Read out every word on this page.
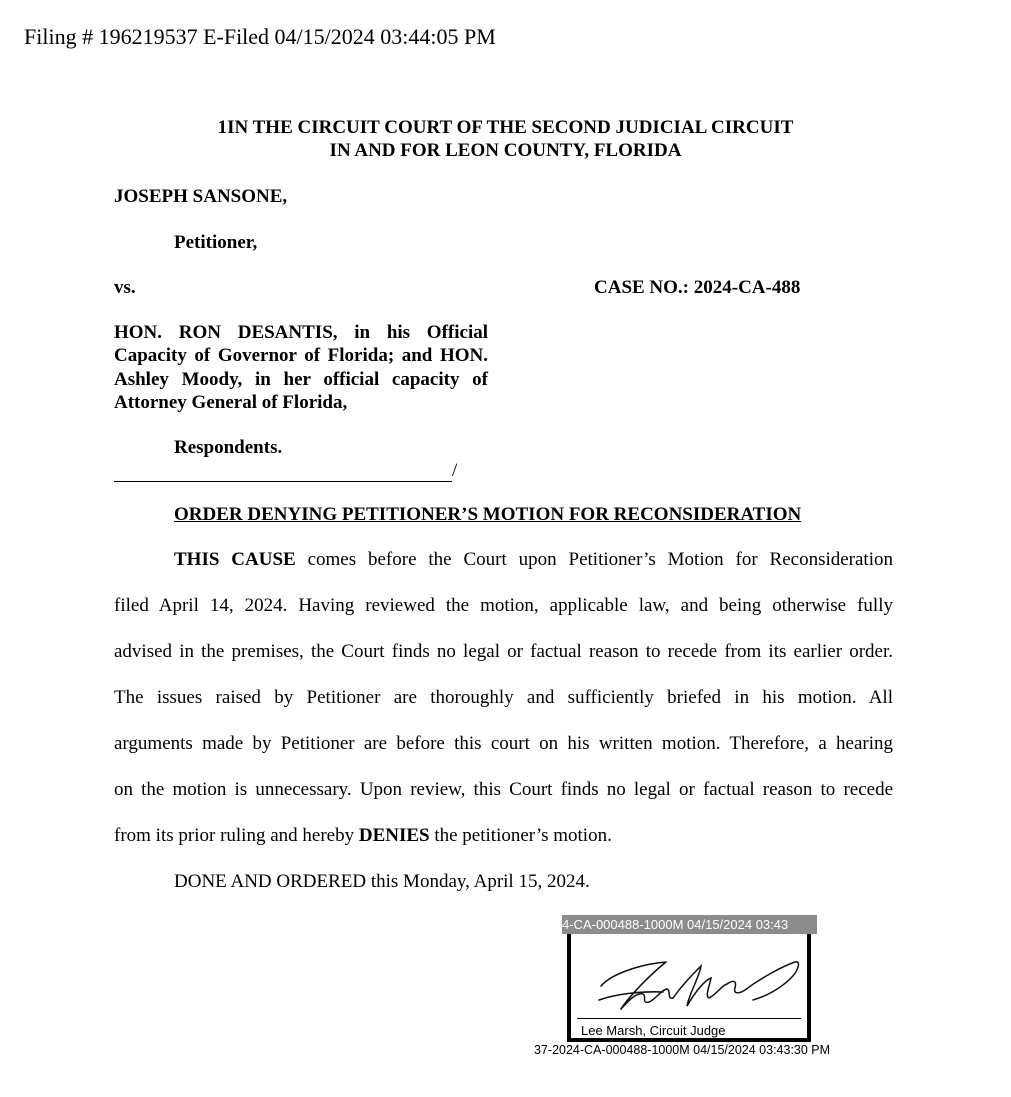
Filing # 196219537 E-Filed 04/15/2024 03:44:05 PM
1IN THE CIRCUIT COURT OF THE SECOND JUDICIAL CIRCUIT
IN AND FOR LEON COUNTY, FLORIDA
JOSEPH SANSONE,
Petitioner,
vs.	CASE NO.: 2024-CA-488
HON. RON DESANTIS, in his Official Capacity of Governor of Florida; and HON. Ashley Moody, in her official capacity of Attorney General of Florida,
Respondents.
/
ORDER DENYING PETITIONER’S MOTION FOR RECONSIDERATION
THIS CAUSE comes before the Court upon Petitioner’s Motion for Reconsideration
filed April 14, 2024. Having reviewed the motion, applicable law, and being otherwise fully
advised in the premises, the Court finds no legal or factual reason to recede from its earlier order.
The issues raised by Petitioner are thoroughly and sufficiently briefed in his motion. All
arguments made by Petitioner are before this court on his written motion. Therefore, a hearing
on the motion is unnecessary. Upon review, this Court finds no legal or factual reason to recede
from its prior ruling and hereby DENIES the petitioner’s motion.
DONE AND ORDERED this Monday, April 15, 2024.
4-CA-000488-1000M 04/15/2024 03:43
Lee Marsh, Circuit Judge
37-2024-CA-000488-1000M 04/15/2024 03:43:30 PM
